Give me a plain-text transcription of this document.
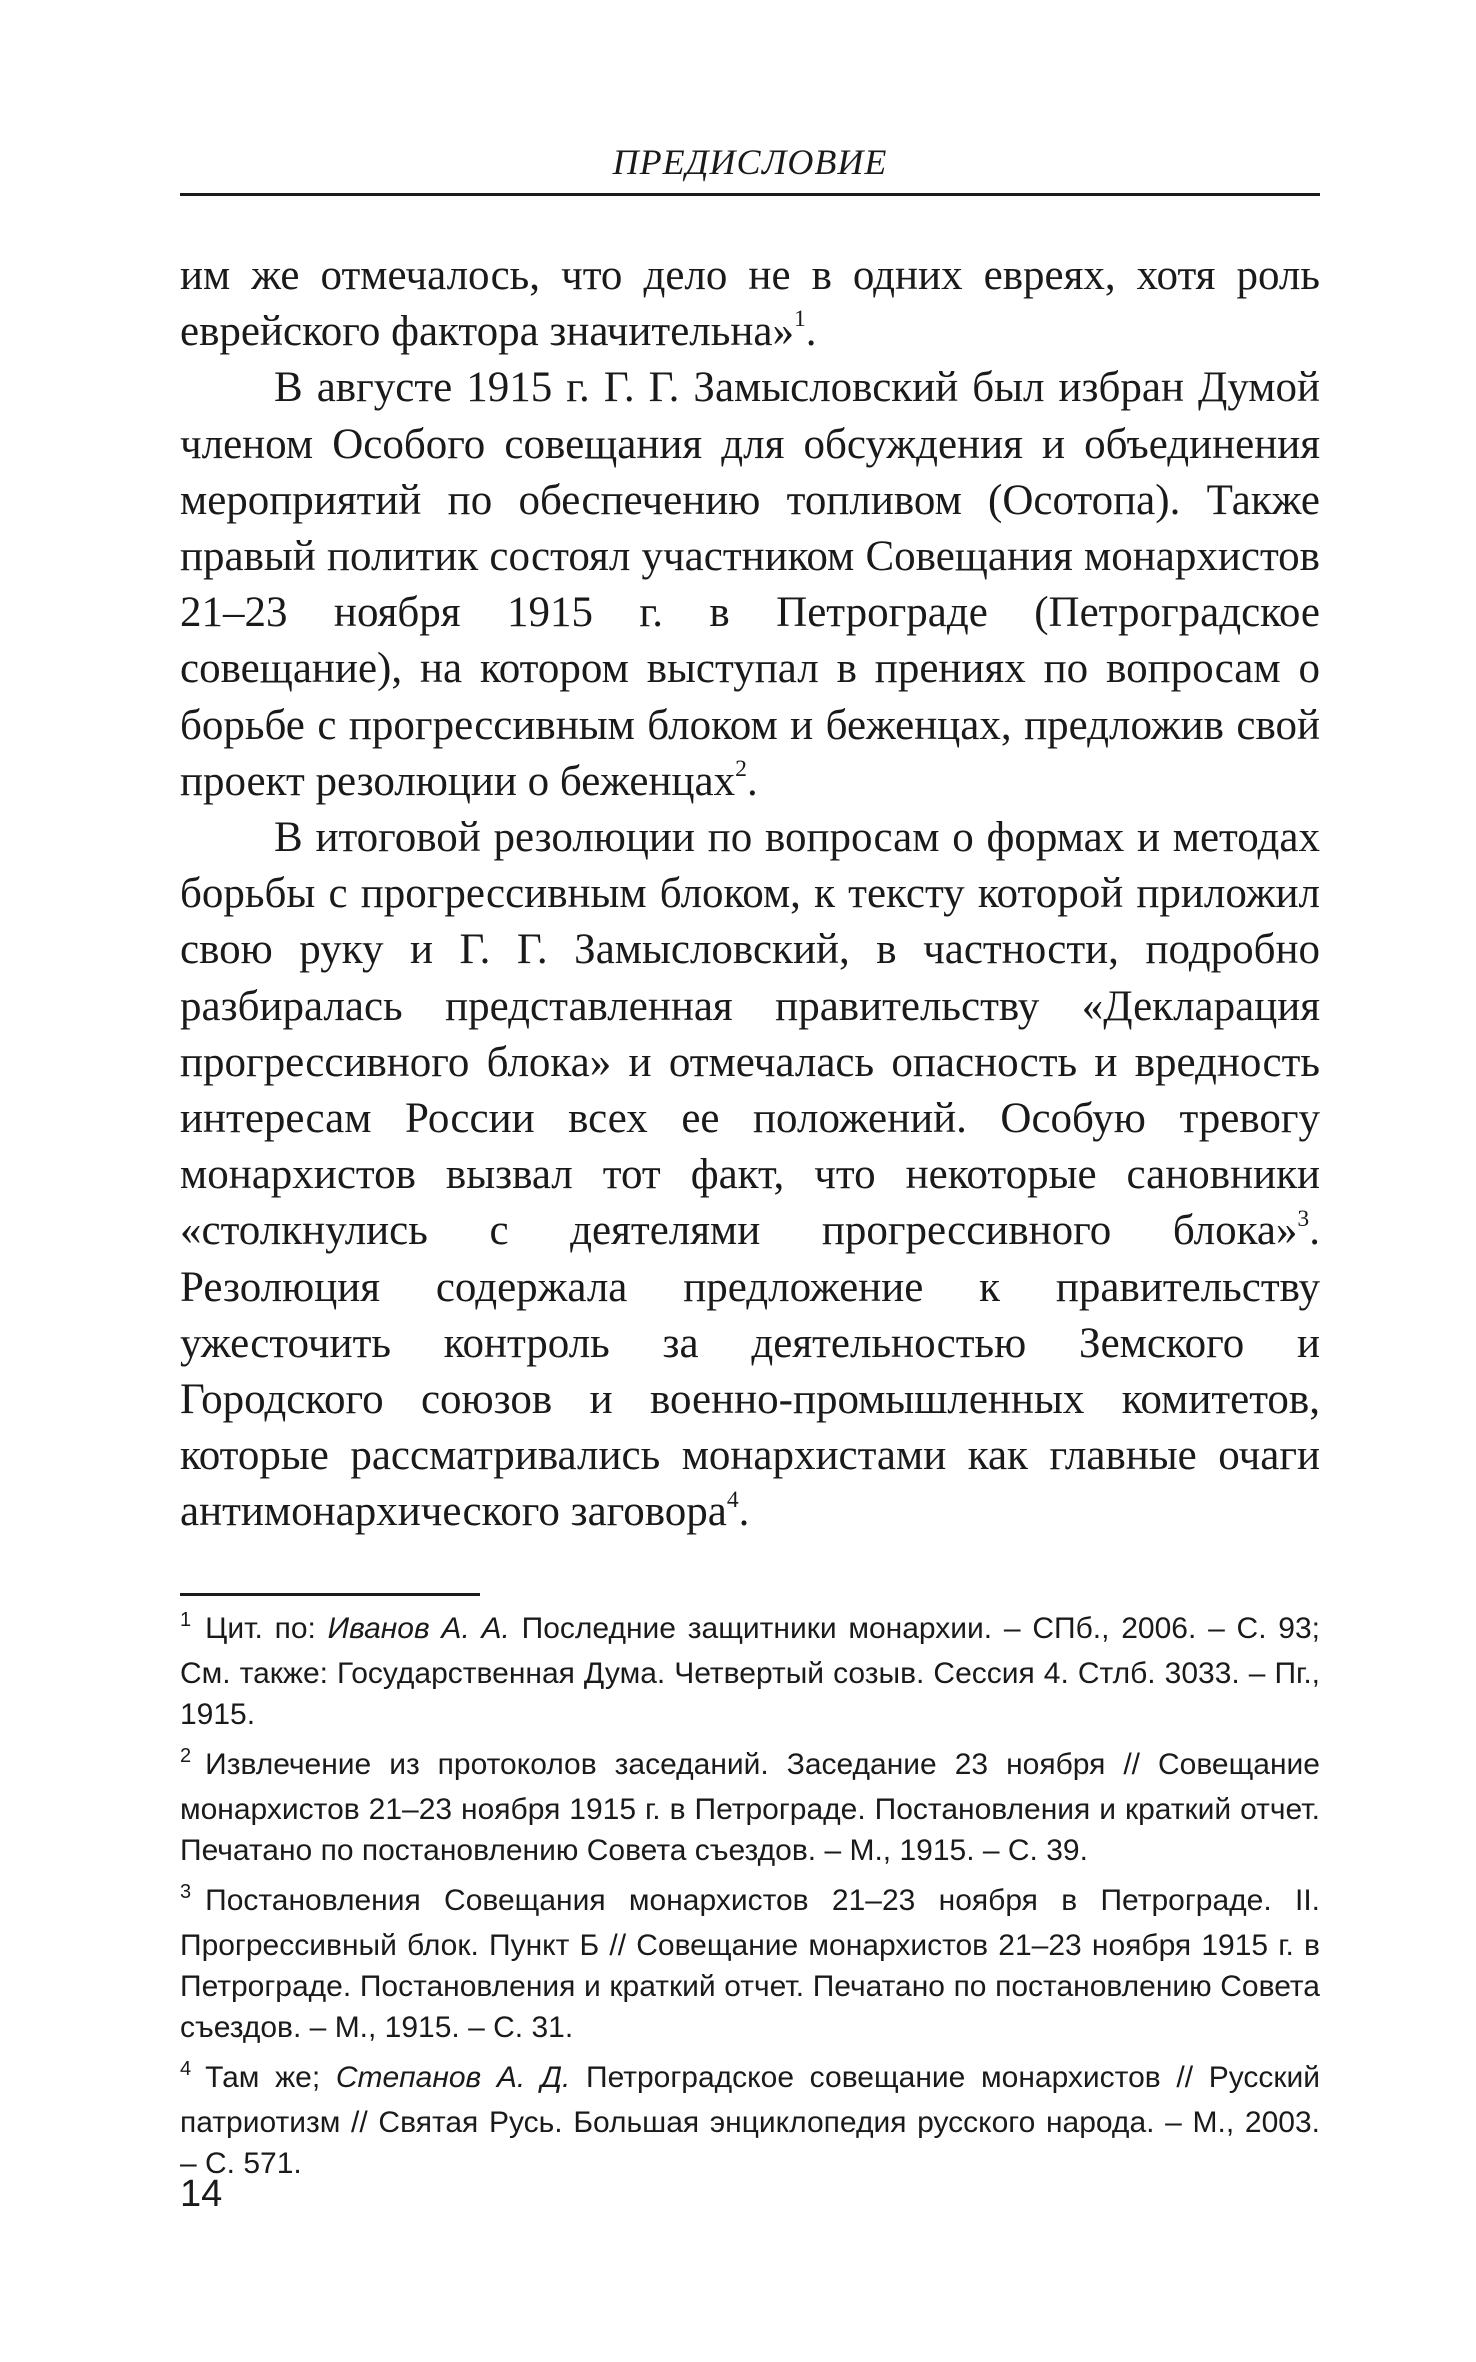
ПРЕДИСЛОВИЕ

им же отмечалось, что дело не в одних евреях, хотя роль еврейского фактора значительна»$^1$.

В августе 1915 г. Г. Г. Замысловский был избран Думой членом Особого совещания для обсуждения и объединения мероприятий по обеспечению топливом (Осотопа). Также правый политик состоял участником Совещания монархистов 21–23 ноября 1915 г. в Петрограде (Петроградское совещание), на котором выступал в прениях по вопросам о борьбе с прогрессивным блоком и беженцах, предложив свой проект резолюции о беженцах$^2$.

В итоговой резолюции по вопросам о формах и методах борьбы с прогрессивным блоком, к тексту которой приложил свою руку и Г. Г. Замысловский, в частности, подробно разбиралась представленная правительству «Декларация прогрессивного блока» и отмечалась опасность и вредность интересам России всех ее положений. Особую тревогу монархистов вызвал тот факт, что некоторые сановники «столкнулись с деятелями прогрессивного блока»$^3$. Резолюция содержала предложение к правительству ужесточить контроль за деятельностью Земского и Городского союзов и военно-промышленных комитетов, которые рассматривались монархистами как главные очаги антимонархического заговора$^4$.

$^1$ Цит. по: Иванов А. А. Последние защитники монархии. – СПб., 2006. – С. 93; См. также: Государственная Дума. Четвертый созыв. Сессия 4. Стлб. 3033. – Пг., 1915.

$^2$ Извлечение из протоколов заседаний. Заседание 23 ноября // Совещание монархистов 21–23 ноября 1915 г. в Петрограде. Постановления и краткий отчет. Печатано по постановлению Совета съездов. – М., 1915. – С. 39.

$^3$ Постановления Совещания монархистов 21–23 ноября в Петрограде. II. Прогрессивный блок. Пункт Б // Совещание монархистов 21–23 ноября 1915 г. в Петрограде. Постановления и краткий отчет. Печатано по постановлению Совета съездов. – М., 1915. – С. 31.

$^4$ Там же; Степанов А. Д. Петроградское совещание монархистов // Русский патриотизм // Святая Русь. Большая энциклопедия русского народа. – М., 2003. – С. 571.

14
